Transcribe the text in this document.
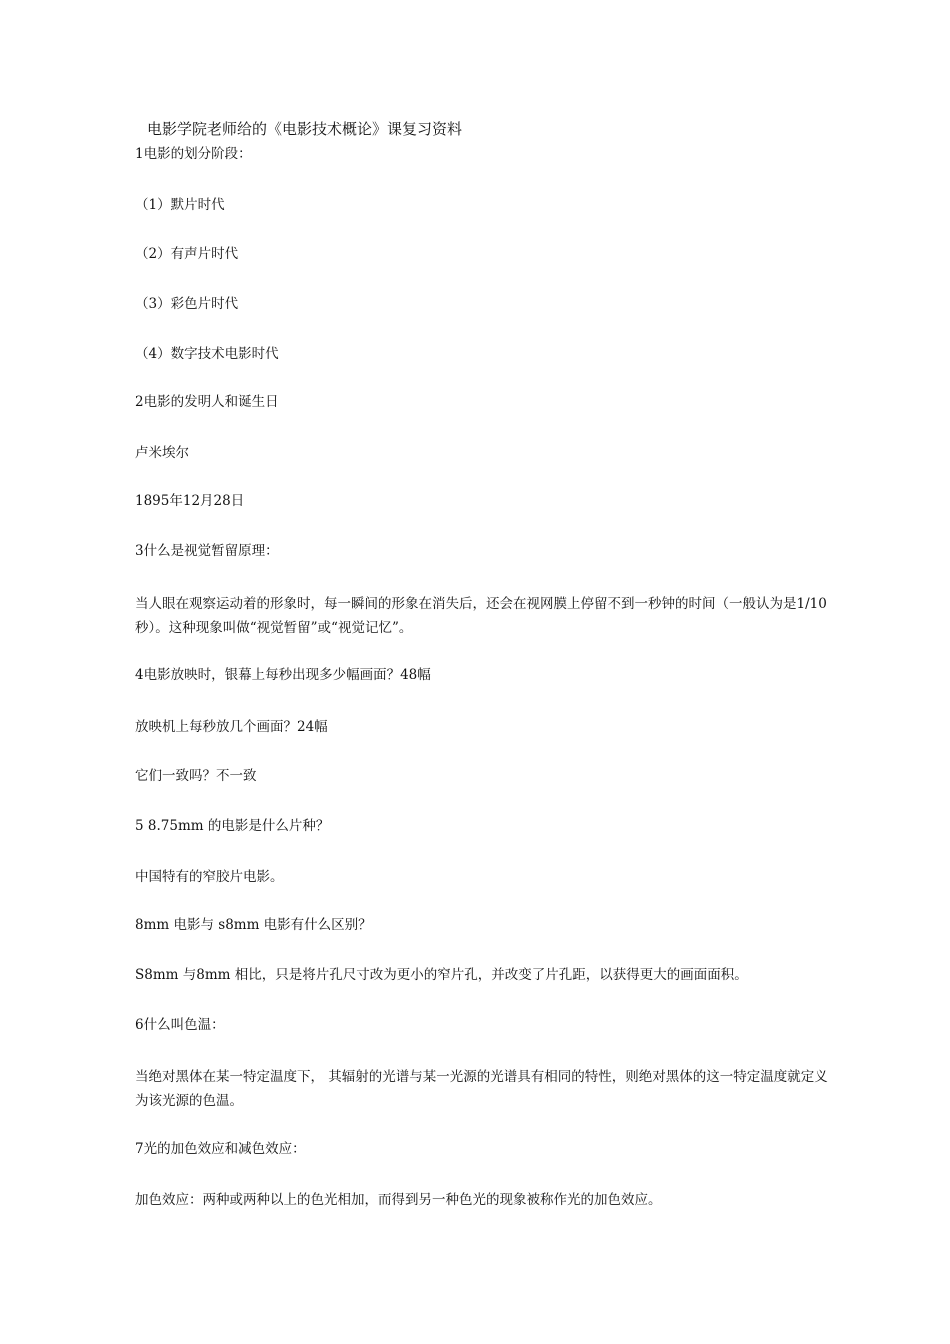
电影学院老师给的《电影技术概论》课复习资料
1电影的划分阶段：
（1）默片时代
（2）有声片时代
（3）彩色片时代
（4）数字技术电影时代
2电影的发明人和诞生日
卢米埃尔
1895年12月28日
3什么是视觉暂留原理：
当人眼在观察运动着的形象时，每一瞬间的形象在消失后，还会在视网膜上停留不到一秒钟的时间（一般认为是1/10秒）。这种现象叫做“视觉暂留”或“视觉记忆”。
4电影放映时，银幕上每秒出现多少幅画面？48幅
放映机上每秒放几个画面？24幅
它们一致吗？不一致
5 8.75mm 的电影是什么片种？
中国特有的窄胶片电影。
8mm 电影与 s8mm 电影有什么区别？
S8mm 与8mm 相比，只是将片孔尺寸改为更小的窄片孔，并改变了片孔距，以获得更大的画面面积。
6什么叫色温：
当绝对黑体在某一特定温度下， 其辐射的光谱与某一光源的光谱具有相同的特性，则绝对黑体的这一特定温度就定义为该光源的色温。
7光的加色效应和减色效应：
加色效应：两种或两种以上的色光相加，而得到另一种色光的现象被称作光的加色效应。
